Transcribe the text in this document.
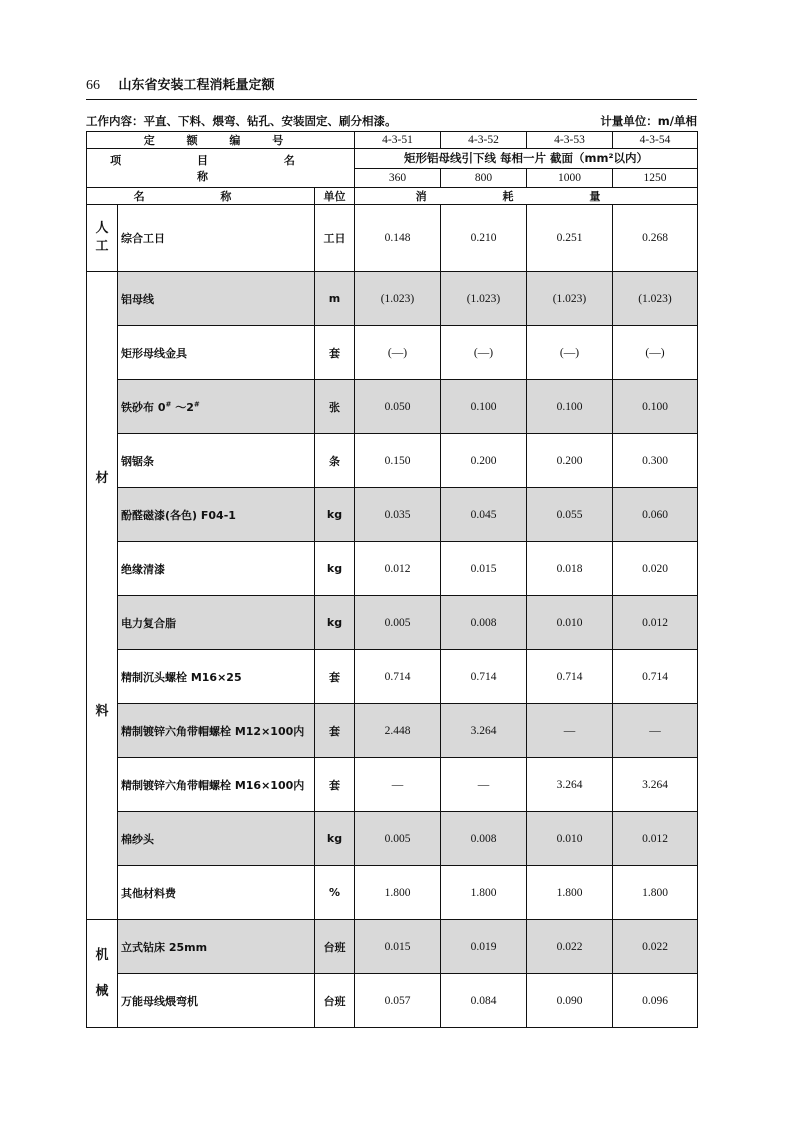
66 山东省安装工程消耗量定额
工作内容：平直、下料、煨弯、钻孔、安装固定、刷分相漆。	计量单位：m/单相
定 额 编 号			4-3-51	4-3-52	4-3-53	4-3-54
项 目 名 称			矩形铝母线引下线 每相一片 截面（mm²以内）			
			360	800	1000	1250
名 称		单位	消 耗 量			
人工	综合工日	工日	0.148	0.210	0.251	0.268

材
料	铝母线	m	(1.023)	(1.023)	(1.023)	(1.023)
	矩形母线金具	套	(—)	(—)	(—)	(—)
	铁砂布 0# ～2#	张	0.050	0.100	0.100	0.100
	钢锯条	条	0.150	0.200	0.200	0.300
	酚醛磁漆(各色) F04-1	kg	0.035	0.045	0.055	0.060
	绝缘清漆	kg	0.012	0.015	0.018	0.020
	电力复合脂	kg	0.005	0.008	0.010	0.012
	精制沉头螺栓 M16×25	套	0.714	0.714	0.714	0.714
	精制镀锌六角带帽螺栓 M12×100内	套	2.448	3.264	—	—
	精制镀锌六角带帽螺栓 M16×100内	套	—	—	3.264	3.264
	棉纱头	kg	0.005	0.008	0.010	0.012
	其他材料费	%	1.800	1.800	1.800	1.800

机
械	立式钻床 25mm	台班	0.015	0.019	0.022	0.022
	万能母线煨弯机	台班	0.057	0.084	0.090	0.096
